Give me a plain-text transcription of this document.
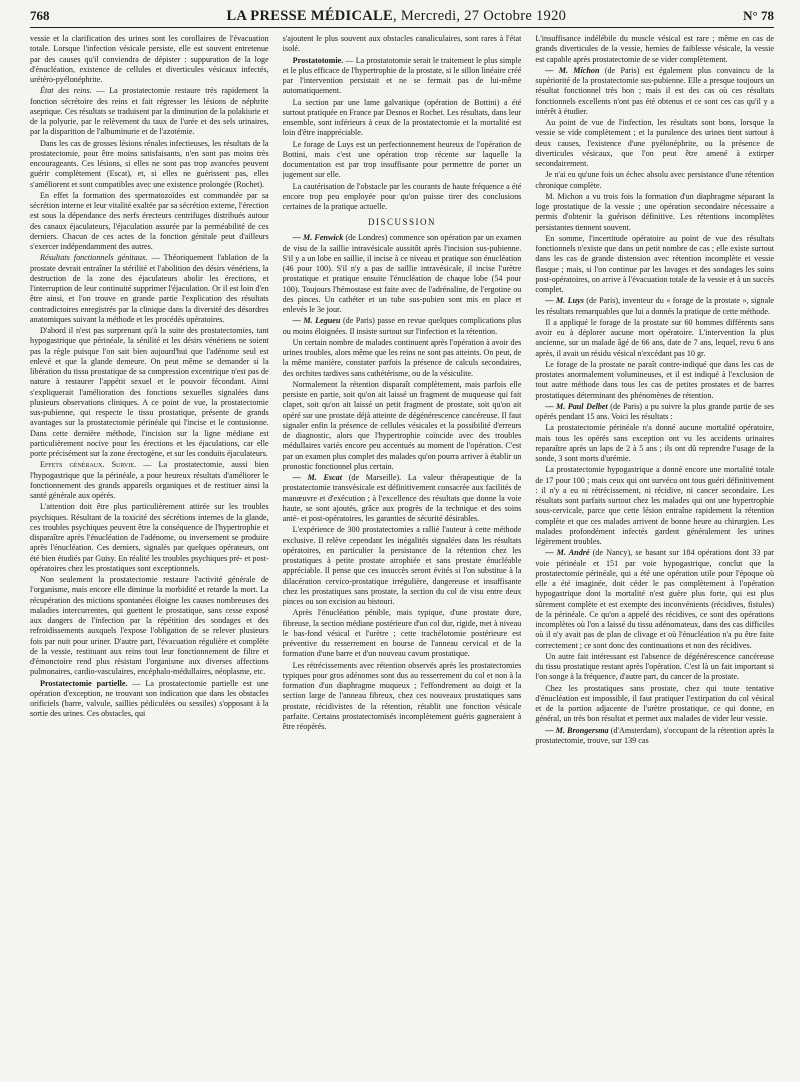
768	LA PRESSE MÉDICALE, Mercredi, 27 Octobre 1920	N° 78

vessie et la clarification des urines sont les corollaires de l'évacuation totale. Lorsque l'infection vésicale persiste, elle est souvent entretenue par des causes qu'il conviendra de dépister : suppuration de la loge d'énucléation, existence de cellules et diverticules vésicaux infectés, urétéro-pyélonéphrite.

État des reins. — La prostatectomie restaure très rapidement la fonction sécrétoire des reins et fait régresser les lésions de néphrite aseptique. Ces résultats se traduisent par la diminution de la polakiurie et de la polyurie, par le relèvement du taux de l'urée et des sels urinaires, par la disparition de l'albuminurie et de l'azotémie.

Dans les cas de grosses lésions rénales infectieuses, les résultats de la prostatectomie, pour être moins satisfaisants, n'en sont pas moins très encourageants. Ces lésions, si elles ne sont pas trop avancées peuvent guérir complètement (Escat), et, si elles ne guérissent pas, elles s'améliorent et sont compatibles avec une existence prolongée (Rochet).

En effet la formation des spermatozoïdes est commandée par sa sécrétion interne et leur vitalité exaltée par sa sécrétion externe, l'érection est sous la dépendance des nerfs érecteurs centrifuges distribués autour des canaux éjaculateurs, l'éjaculation assurée par la perméabilité de ces derniers. Chacun de ces actes de la fonction génitale peut d'ailleurs s'exercer indépendamment des autres.

Résultats fonctionnels génitaux. — Théoriquement l'ablation de la prostate devrait entraîner la stérilité et l'abolition des désirs vénériens, la destruction de la zone des éjaculateurs abolir les érections, et l'interruption de leur continuité supprimer l'éjaculation. Or il est loin d'en être ainsi, et l'on trouve en grande partie l'explication des résultats contradictoires enregistrés par la clinique dans la diversité des désordres anatomiques suivant la méthode et les procédés opératoires.

D'abord il n'est pas surprenant qu'à la suite des prostatectomies, tant hypogastrique que périnéale, la sénilité et les désirs vénériens ne soient pas la règle puisque l'on sait bien aujourd'hui que l'adénome seul est enlevé et que la glande demeure. On peut même se demander si la libération du tissu prostatique de sa compression excentrique n'est pas de nature à restaurer l'appétit sexuel et le pouvoir fécondant. Ainsi s'expliquerait l'amélioration des fonctions sexuelles signalées dans plusieurs observations cliniques. A ce point de vue, la prostatectomie sus-pubienne, qui respecte le tissu prostatique, présente de grands avantages sur la prostatectomie périnéale qui l'incise et le contusionne. Dans cette dernière méthode, l'incision sur la ligne médiane est particulièrement nocive pour les érections et les éjaculations, car elle porte précisément sur la zone érectogène, et sur les conduits éjaculateurs.

Effets généraux. Survie. — La prostatectomie, aussi bien l'hypogastrique que la périnéale, a pour heureux résultats d'améliorer le fonctionnement des grands appareils organiques et de restituer ainsi la santé générale aux opérés.

L'attention doit être plus particulièrement attirée sur les troubles psychiques. Résultant de la toxicité des sécrétions internes de la glande, ces troubles psychiques peuvent être la conséquence de l'hypertrophie et disparaître après l'énucléation de l'adénome, ou inversement se produire après l'énucléation. Ces derniers, signalés par quelques opérateurs, ont été bien étudiés par Guisy. En réalité les troubles psychiques pré- et post-opératoires chez les prostatiques sont exceptionnels.

Non seulement la prostatectomie restaure l'activité générale de l'organisme, mais encore elle diminue la morbidité et retarde la mort. La récupération des mictions spontanées éloigne les causes nombreuses des maladies intercurrentes, qui guettent le prostatique, sans cesse exposé aux dangers de l'infection par la répétition des sondages et des refroidissements auxquels l'expose l'obligation de se relever plusieurs fois par nuit pour uriner. D'autre part, l'évacuation régulière et complète de la vessie, restituant aux reins tout leur fonctionnement de filtre et d'émonctoire rend plus résistant l'organisme aux diverses affections pulmonaires, cardio-vasculaires, encéphalo-médullaires, néoplasme, etc.

Prostatectomie partielle. — La prostatectomie partielle est une opération d'exception, ne trouvant son indication que dans les obstacles orificiels (barre, valvule, saillies pédiculées ou sessiles) s'opposant à la sortie des urines. Ces obstacles, qui

s'ajoutent le plus souvent aux obstacles canaliculaires, sont rares à l'état isolé.

Prostatotomie. — La prostatotomie serait le traitement le plus simple et le plus efficace de l'hypertrophie de la prostate, si le sillon linéaire créé par l'intervention persistait et ne se fermait pas de lui-même automatiquement.

La section par une lame galvanique (opération de Bottini) a été surtout pratiquée en France par Desnos et Rochet. Les résultats, dans leur ensemble, sont inférieurs à ceux de la prostatectomie et la mortalité est loin d'être inappréciable.

Le forage de Luys est un perfectionnement heureux de l'opération de Bottini, mais c'est une opération trop récente sur laquelle la documentation est par trop insuffisante pour permettre de porter un jugement sur elle.

La cautérisation de l'obstacle par les courants de haute fréquence a été encore trop peu employée pour qu'on puisse tirer des conclusions certaines de la pratique actuelle.

DISCUSSION

— M. Fenwick (de Londres) commence son opération par un examen de visu de la saillie intravésicale aussitôt après l'incision sus-pubienne. S'il y a un lobe en saillie, il incise à ce niveau et pratique son énucléation (46 pour 100). S'il n'y a pas de saillie intravésicale, il incise l'urètre prostatique et pratique ensuite l'énucléation de chaque lobe (54 pour 100). Toujours l'hémostase est faite avec de l'adrénaline, de l'ergotine ou des pinces. Un cathéter et un tube sus-pubien sont mis en place et enlevés le 3e jour.

— M. Legueu (de Paris) passe en revue quelques complications plus ou moins éloignées. Il insiste surtout sur l'infection et la rétention.

Un certain nombre de malades continuent après l'opération à avoir des urines troubles, alors même que les reins ne sont pas atteints. On peut, de la même manière, constater parfois la présence de calculs secondaires, des orchites tardives sans cathétérisme, ou de la vésiculite.

Normalement la rétention disparaît complètement, mais parfois elle persiste en partie, soit qu'on ait laissé un fragment de muqueuse qui fait clapet, soit qu'on ait laissé un petit fragment de prostate, soit qu'on ait opéré sur une prostate déjà atteinte de dégénérescence cancéreuse. Il faut signaler enfin la présence de cellules vésicales et la possibilité d'erreurs de diagnostic, alors que l'hypertrophie coïncide avec des troubles médullaires variés encore peu accentués au moment de l'opération. C'est par un examen plus complet des malades qu'on pourra arriver à établir un pronostic fonctionnel plus certain.

— M. Escat (de Marseille). La valeur thérapeutique de la prostatectomie transvésicale est définitivement consacrée aux facilités de manœuvre et d'exécution ; à l'excellence des résultats que donne la voie haute, se sont ajoutés, grâce aux progrès de la technique et des soins anté- et post-opératoires, les garanties de sécurité désirables.

L'expérience de 300 prostatectomies a rallié l'auteur à cette méthode exclusive. Il relève cependant les inégalités signalées dans les résultats opératoires, en particulier la persistance de la rétention chez les prostatiques à petite prostate atrophiée et sans prostate énucléable appréciable. Il pense que ces insuccès seront évités si l'on substitue à la dilacération cervico-prostatique irrégulière, dangereuse et insuffisante chez les prostatiques sans prostate, la section du col de visu entre deux pinces ou son excision au bistouri.

Après l'énucléation pénible, mais typique, d'une prostate dure, fibreuse, la section médiane postérieure d'un col dur, rigide, met à niveau le bas-fond vésical et l'urètre ; cette trachélotomie postérieure est préventive du resserrement en bourse de l'anneau cervical et de la formation d'une barre et d'un nouveau cavum prostatique.

Les rétrécissements avec rétention observés après les prostatectomies typiques pour gros adénomes sont dus au resserrement du col et non à la formation d'un diaphragme muqueux ; l'effondrement au doigt et la section large de l'anneau fibreux, chez ces nouveaux prostatiques sans prostate, récidivistes de la rétention, rétablit une fonction vésicale parfaite. Certains prostatectomisés incomplètement guéris gagneraient à être réopérés.

L'insuffisance indélébile du muscle vésical est rare ; même en cas de grands diverticules de la vessie, hernies de faiblesse vésicale, la vessie est capable après prostatectomie de se vider complètement.

— M. Michon (de Paris) est également plus convaincu de la supériorité de la prostatectomie sus-pubienne. Elle a presque toujours un résultat fonctionnel très bon ; mais il est des cas où ces résultats fonctionnels excellents n'ont pas été obtenus et ce sont ces cas qu'il y a intérêt à étudier.

Au point de vue de l'infection, les résultats sont bons, lorsque la vessie se vide complètement ; et la purulence des urines tient surtout à deux causes, l'existence d'une pyélonéphrite, ou la présence de diverticules vésicaux, que l'on peut être amené à extirper secondairement.

Je n'ai eu qu'une fois un échec absolu avec persistance d'une rétention chronique complète.

M. Michon a vu trois fois la formation d'un diaphragme séparant la loge prostatique de la vessie ; une opération secondaire nécessaire a permis d'obtenir la guérison définitive. Les rétentions incomplètes persistantes tiennent souvent.

En somme, l'incertitude opératoire au point de vue des résultats fonctionnels n'existe que dans un petit nombre de cas ; elle existe surtout dans les cas de grande distension avec rétention incomplète et vessie flasque ; mais, si l'on continue par les lavages et des sondages les soins post-opératoires, on arrive à l'évacuation totale de la vessie et à un succès complet.

— M. Luys (de Paris), inventeur du « forage de la prostate », signale les résultats remarquables que lui a donnés la pratique de cette méthode.

Il a appliqué le forage de la prostate sur 60 hommes différents sans avoir eu à déplorer aucune mort opératoire. L'intervention la plus ancienne, sur un malade âgé de 66 ans, date de 7 ans, lequel, revu 6 ans après, il avait un résidu vésical n'excédant pas 10 gr.

Le forage de la prostate ne paraît contre-indiqué que dans les cas de prostates anormalement volumineuses, et il est indiqué à l'exclusion de tout autre méthode dans tous les cas de petites prostates et de barres prostatiques déterminant des phénomènes de rétention.

— M. Paul Delbet (de Paris) a pu suivre la plus grande partie de ses opérés pendant 15 ans. Voici les résultats :

La prostatectomie périnéale n'a donné aucune mortalité opératoire, mais tous les opérés sans exception ont vu les accidents urinaires reparaître après un laps de 2 à 5 ans ; ils ont dû reprendre l'usage de la sonde, 3 sont morts d'urémie.

La prostatectomie hypogastrique a donné encore une mortalité totale de 17 pour 100 ; mais ceux qui ont survécu ont tous guéri définitivement : il n'y a eu ni rétrécissement, ni récidive, ni cancer secondaire. Les résultats sont parfaits surtout chez les malades qui ont une hypertrophie sous-cervicale, parce que cette lésion entraîne rapidement la rétention complète et que ces malades arrivent de bonne heure au chirurgien. Les malades profondément infectés gardent généralement les urines légèrement troubles.

— M. André (de Nancy), se basant sur 184 opérations dont 33 par voie périnéale et 151 par voie hypogastrique, conclut que la prostatectomie périnéale, qui a été une opération utile pour l'époque où elle a été imaginée, doit céder le pas complètement à l'opération hypogastrique dont la mortalité n'est guère plus forte, qui est plus sûrement complète et est exempte des inconvénients (récidives, fistules) de la périnéale. Ce qu'on a appelé des récidives, ce sont des opérations incomplètes où l'on a laissé du tissu adénomateux, dans des cas difficiles où il n'y avait pas de plan de clivage et où l'énucléation n'a pu être faite correctement ; ce sont donc des continuations et non des récidives.

Un autre fait intéressant est l'absence de dégénérescence cancéreuse du tissu prostatique restant après l'opération. C'est là un fait important si l'on songe à la fréquence, d'autre part, du cancer de la prostate.

Chez les prostatiques sans prostate, chez qui toute tentative d'énucléation est impossible, il faut pratiquer l'extirpation du col vésical et de la portion adjacente de l'urètre prostatique, ce qui donne, en général, un très bon résultat et permet aux malades de vider leur vessie.

— M. Brongersma (d'Amsterdam), s'occupant de la rétention après la prostatectomie, trouve, sur 139 cas
